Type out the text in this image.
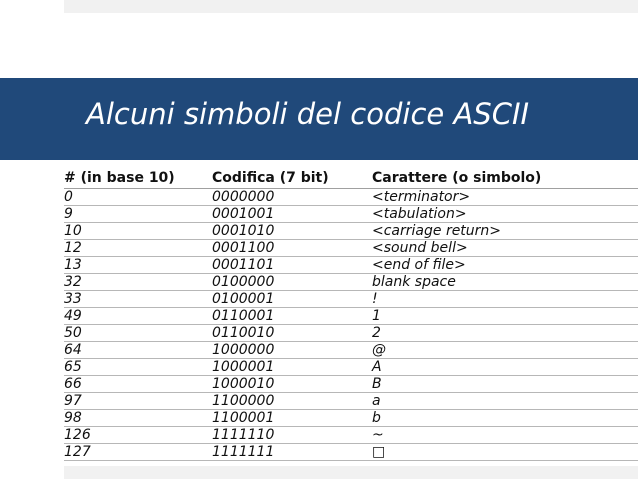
Alcuni simboli del codice ASCII
# (in base 10)	Codifica (7 bit)	Carattere (o simbolo)
0	0000000	<terminator>
9	0001001	<tabulation>
10	0001010	<carriage return>
12	0001100	<sound bell>
13	0001101	<end of file>
32	0100000	blank space
33	0100001	!
49	0110001	1
50	0110010	2
64	1000000	@
65	1000001	A
66	1000010	B
97	1100000	a
98	1100001	b
126	1111110	~
127	1111111	□
